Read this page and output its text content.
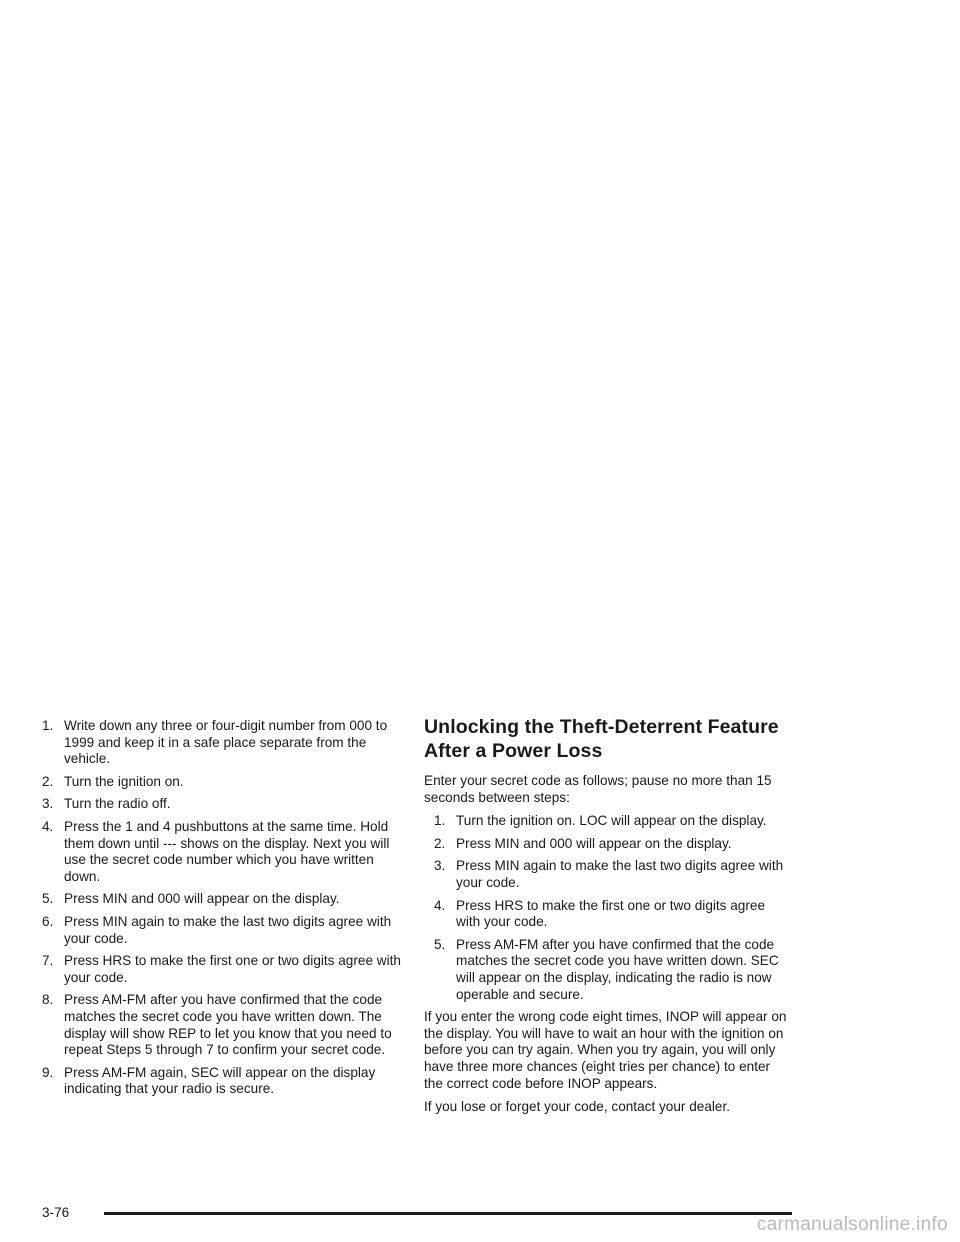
1. Write down any three or four-digit number from 000 to 1999 and keep it in a safe place separate from the vehicle.
2. Turn the ignition on.
3. Turn the radio off.
4. Press the 1 and 4 pushbuttons at the same time. Hold them down until --- shows on the display. Next you will use the secret code number which you have written down.
5. Press MIN and 000 will appear on the display.
6. Press MIN again to make the last two digits agree with your code.
7. Press HRS to make the first one or two digits agree with your code.
8. Press AM-FM after you have confirmed that the code matches the secret code you have written down. The display will show REP to let you know that you need to repeat Steps 5 through 7 to confirm your secret code.
9. Press AM-FM again, SEC will appear on the display indicating that your radio is secure.
Unlocking the Theft-Deterrent Feature After a Power Loss

Enter your secret code as follows; pause no more than 15 seconds between steps:

1. Turn the ignition on. LOC will appear on the display.
2. Press MIN and 000 will appear on the display.
3. Press MIN again to make the last two digits agree with your code.
4. Press HRS to make the first one or two digits agree with your code.
5. Press AM-FM after you have confirmed that the code matches the secret code you have written down. SEC will appear on the display, indicating the radio is now operable and secure.

If you enter the wrong code eight times, INOP will appear on the display. You will have to wait an hour with the ignition on before you can try again. When you try again, you will only have three more chances (eight tries per chance) to enter the correct code before INOP appears.

If you lose or forget your code, contact your dealer.

3-76
carmanualsonline.info
